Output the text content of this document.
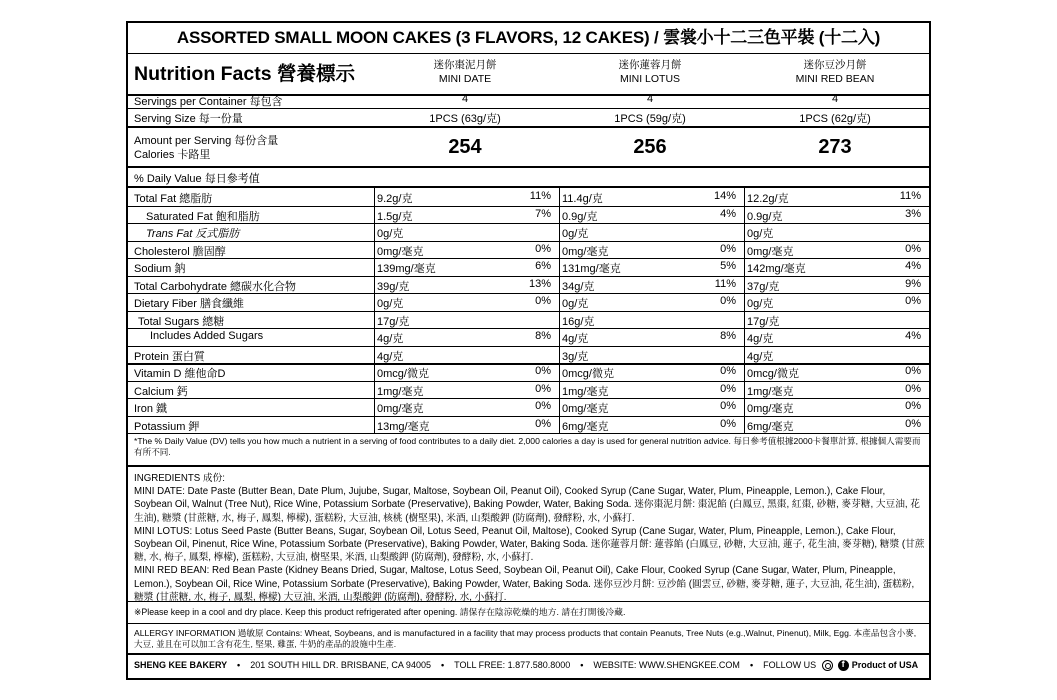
ASSORTED SMALL MOON CAKES (3 FLAVORS, 12 CAKES) / 雲裳小十二三色平裝 (十二入)
Nutrition Facts 營養標示	迷你棗泥月餅
MINI DATE
迷你蓮蓉月餅
MINI LOTUS
迷你豆沙月餅
MINI RED BEAN
Servings per Container 每包含	4	4	4
Serving Size 每一份量	1PCS (63g/克)	1PCS (59g/克)	1PCS (62g/克)
Amount per Serving 每份含量
Calories 卡路里	254	256	273
% Daily Value 每日參考值
Total Fat 總脂肪	9.2g/克	11% 11.4g/克	14% 12.2g/克	11%
Saturated Fat 飽和脂肪	1.5g/克	7% 0.9g/克	4% 0.9g/克	3%
Trans Fat 反式脂肪	0g/克	0g/克	0g/克
Cholesterol 膽固醇	0mg/毫克	0% 0mg/毫克	0% 0mg/毫克	0%
Sodium 鈉	139mg/毫克	6% 131mg/毫克	5% 142mg/毫克	4%
Total Carbohydrate 總碳水化合物	39g/克	13% 34g/克	11% 37g/克	9%
Dietary Fiber 膳食纖維	0g/克	0% 0g/克	0% 0g/克	0%
Total Sugars 總糖	17g/克	16g/克	17g/克
Includes Added Sugars	4g/克	8% 4g/克	8% 4g/克	4%
Protein 蛋白質	4g/克	3g/克	4g/克
Vitamin D 維他命D	0mcg/微克	0% 0mcg/微克	0% 0mcg/微克	0%
Calcium 鈣	1mg/毫克	0% 1mg/毫克	0% 1mg/毫克	0%
Iron 鐵	0mg/毫克	0% 0mg/毫克	0% 0mg/毫克	0%
Potassium 鉀	13mg/毫克	0% 6mg/毫克	0% 6mg/毫克	0%
*The % Daily Value (DV) tells you how much a nutrient in a serving of food contributes to a daily diet. 2,000 calories a day is used for general nutrition advice. 每日參考值根據2000卡餐單計算, 根據個人需要而有所不同.
INGREDIENTS 成份:
MINI DATE: Date Paste (Butter Bean, Date Plum, Jujube, Sugar, Maltose, Soybean Oil, Peanut Oil), Cooked Syrup (Cane Sugar, Water, Plum, Pineapple, Lemon.), Cake Flour, Soybean Oil, Walnut (Tree Nut), Rice Wine, Potassium Sorbate (Preservative), Baking Powder, Water, Baking Soda. 迷你棗泥月餅: 棗泥餡 (白鳳豆, 黑棗, 紅棗, 砂糖, 麥芽糖, 大豆油, 花生油), 糖漿 (甘蔗糖, 水, 梅子, 鳳梨, 檸檬), 蛋糕粉, 大豆油, 核桃 (樹堅果), 米酒, 山梨酸鉀 (防腐劑), 發酵粉, 水, 小蘇打.
MINI LOTUS: Lotus Seed Paste (Butter Beans, Sugar, Soybean Oil, Lotus Seed, Peanut Oil, Maltose), Cooked Syrup (Cane Sugar, Water, Plum, Pineapple, Lemon.), Cake Flour, Soybean Oil, Pinenut, Rice Wine, Potassium Sorbate (Preservative), Baking Powder, Water, Baking Soda. 迷你蓮蓉月餅: 蓮蓉餡 (白鳳豆, 砂糖, 大豆油, 蓮子, 花生油, 麥芽糖), 糖漿 (甘蔗糖, 水, 梅子, 鳳梨, 檸檬), 蛋糕粉, 大豆油, 樹堅果, 米酒, 山梨酸鉀 (防腐劑), 發酵粉, 水, 小蘇打.
MINI RED BEAN: Red Bean Paste (Kidney Beans Dried, Sugar, Maltose, Lotus Seed, Soybean Oil, Peanut Oil), Cake Flour, Cooked Syrup (Cane Sugar, Water, Plum, Pineapple, Lemon.), Soybean Oil, Rice Wine, Potassium Sorbate (Preservative), Baking Powder, Water, Baking Soda. 迷你豆沙月餅: 豆沙餡 (圓雲豆, 砂糖, 麥芽糖, 蓮子, 大豆油, 花生油), 蛋糕粉, 糖漿 (甘蔗糖, 水, 梅子, 鳳梨, 檸檬) 大豆油, 米酒, 山梨酸鉀 (防腐劑), 發酵粉, 水, 小蘇打.
※Please keep in a cool and dry place. Keep this product refrigerated after opening. 請保存在陰涼乾燥的地方. 請在打開後冷藏.
ALLERGY INFORMATION 過敏原 Contains: Wheat, Soybeans, and is manufactured in a facility that may process products that contain Peanuts, Tree Nuts (e.g.,Walnut, Pinenut), Milk, Egg. 本產品包含小麥, 大豆, 並且在可以加工含有花生, 堅果, 雞蛋, 牛奶的產品的設施中生產.
SHENG KEE BAKERY • 201 SOUTH HILL DR. BRISBANE, CA 94005 • TOLL FREE: 1.877.580.8000 • WEBSITE: WWW.SHENGKEE.COM • FOLLOW US  f	Product of USA
